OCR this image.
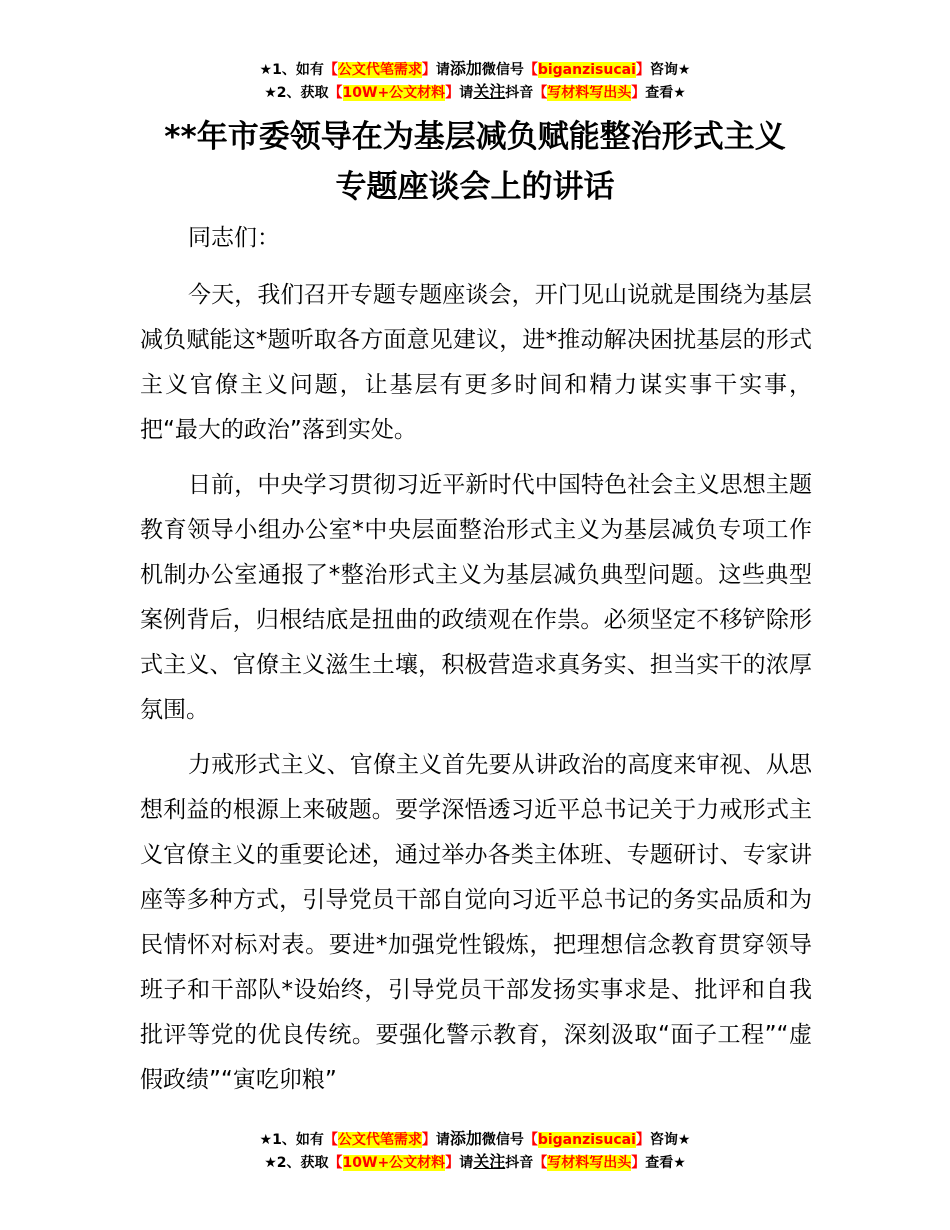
★1、如有【公文代笔需求】请添加微信号【biganzisucai】咨询★
★2、获取【10W+公文材料】请关注抖音【写材料写出头】查看★
**年市委领导在为基层减负赋能整治形式主义
专题座谈会上的讲话

同志们：

今天，我们召开专题专题座谈会，开门见山说就是围绕为基层减负赋能这*题听取各方面意见建议，进*推动解决困扰基层的形式主义官僚主义问题，让基层有更多时间和精力谋实事干实事，把“最大的政治”落到实处。

日前，中央学习贯彻习近平新时代中国特色社会主义思想主题教育领导小组办公室*中央层面整治形式主义为基层减负专项工作机制办公室通报了*整治形式主义为基层减负典型问题。这些典型案例背后，归根结底是扭曲的政绩观在作祟。必须坚定不移铲除形式主义、官僚主义滋生土壤，积极营造求真务实、担当实干的浓厚氛围。

力戒形式主义、官僚主义首先要从讲政治的高度来审视、从思想利益的根源上来破题。要学深悟透习近平总书记关于力戒形式主义官僚主义的重要论述，通过举办各类主体班、专题研讨、专家讲座等多种方式，引导党员干部自觉向习近平总书记的务实品质和为民情怀对标对表。要进*加强党性锻炼，把理想信念教育贯穿领导班子和干部队*设始终，引导党员干部发扬实事求是、批评和自我批评等党的优良传统。要强化警示教育，深刻汲取“面子工程”“虚假政绩”“寅吃卯粮”

★1、如有【公文代笔需求】请添加微信号【biganzisucai】咨询★
★2、获取【10W+公文材料】请关注抖音【写材料写出头】查看★
